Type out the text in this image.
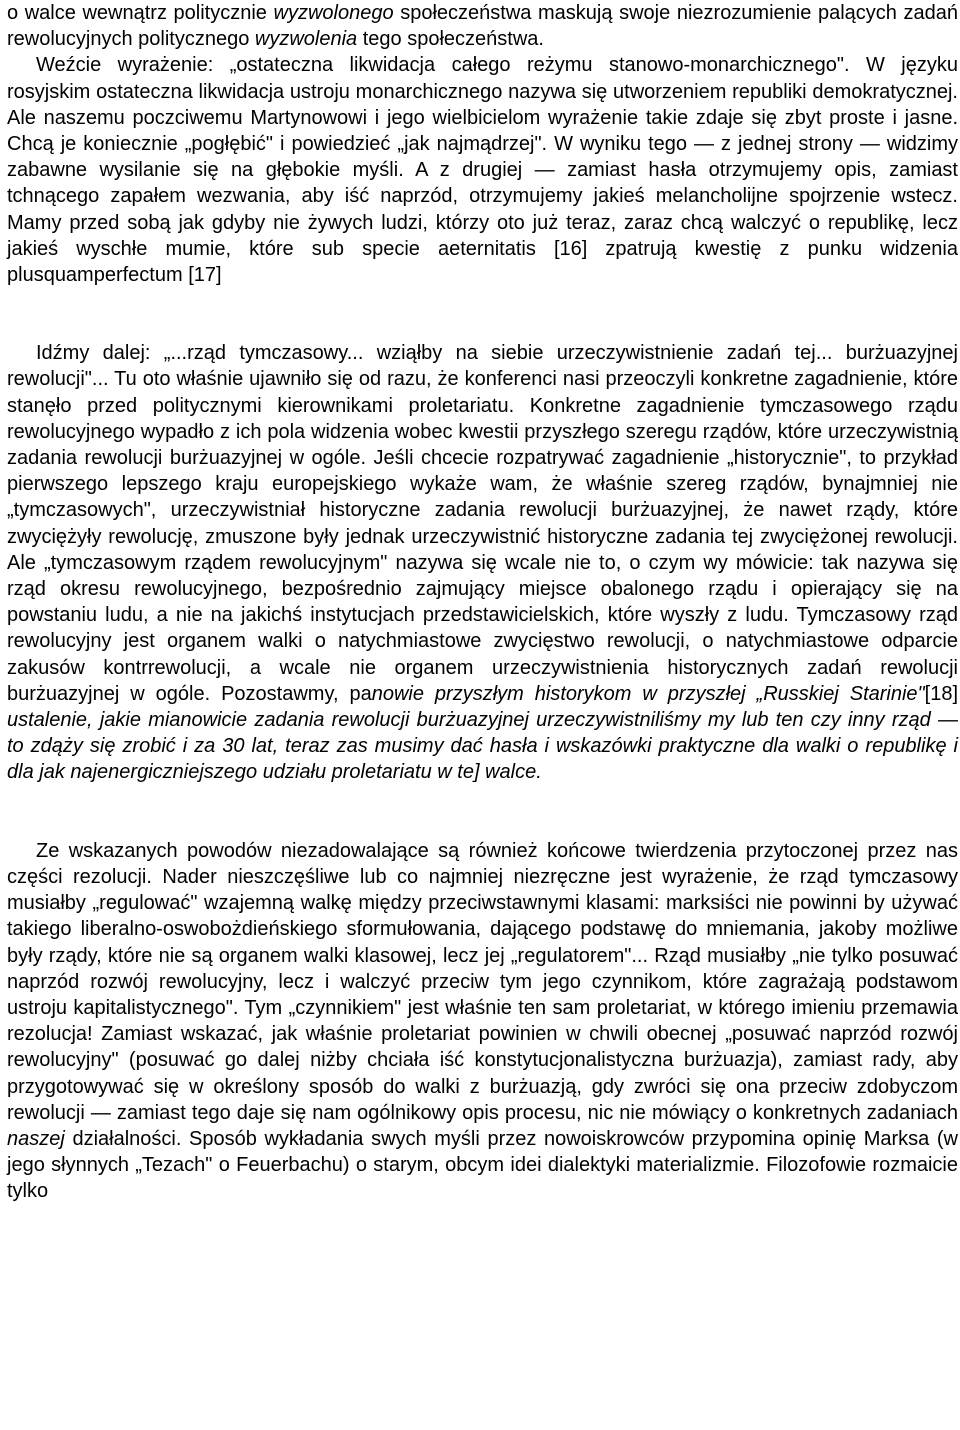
o walce wewnątrz politycznie wyzwolonego społeczeństwa maskują swoje niezrozumienie palących zadań rewolucyjnych politycznego wyzwolenia tego społeczeństwa.

Weźcie wyrażenie: „ostateczna likwidacja całego reżymu stanowo-monarchicznego". W języku rosyjskim ostateczna likwidacja ustroju monarchicznego nazywa się utworzeniem republiki demokratycznej. Ale naszemu poczciwemu Martynowowi i jego wielbicielom wyrażenie takie zdaje się zbyt proste i jasne. Chcą je koniecznie „pogłębić" i powiedzieć „jak najmądrzej". W wyniku tego — z jednej strony — widzimy zabawne wysilanie się na głębokie myśli. A z drugiej — zamiast hasła otrzymujemy opis, zamiast tchnącego zapałem wezwania, aby iść naprzód, otrzymujemy jakieś melancholijne spojrzenie wstecz. Mamy przed sobą jak gdyby nie żywych ludzi, którzy oto już teraz, zaraz chcą walczyć o republikę, lecz jakieś wyschłe mumie, które sub specie aeternitatis [16] zpatrują kwestię z punku widzenia plusquamperfectum [17]

Idźmy dalej: „...rząd tymczasowy... wziąłby na siebie urzeczywistnienie zadań tej... burżuazyjnej rewolucji"... Tu oto właśnie ujawniło się od razu, że konferenci nasi przeoczyli konkretne zagadnienie, które stanęło przed politycznymi kierownikami proletariatu. Konkretne zagadnienie tymczasowego rządu rewolucyjnego wypadło z ich pola widzenia wobec kwestii przyszłego szeregu rządów, które urzeczywistnią zadania rewolucji burżuazyjnej w ogóle. Jeśli chcecie rozpatrywać zagadnienie „historycznie", to przykład pierwszego lepszego kraju europejskiego wykaże wam, że właśnie szereg rządów, bynajmniej nie „tymczasowych", urzeczywistniał historyczne zadania rewolucji burżuazyjnej, że nawet rządy, które zwyciężyły rewolucję, zmuszone były jednak urzeczywistnić historyczne zadania tej zwyciężonej rewolucji. Ale „tymczasowym rządem rewolucyjnym" nazywa się wcale nie to, o czym wy mówicie: tak nazywa się rząd okresu rewolucyjnego, bezpośrednio zajmujący miejsce obalonego rządu i opierający się na powstaniu ludu, a nie na jakichś instytucjach przedstawicielskich, które wyszły z ludu. Tymczasowy rząd rewolucyjny jest organem walki o natychmiastowe zwycięstwo rewolucji, o natychmiastowe odparcie zakusów kontrrewolucji, a wcale nie organem urzeczywistnienia historycznych zadań rewolucji burżuazyjnej w ogóle. Pozostawmy, panowie przyszłym historykom w przyszłej „Russkiej Starinie"[18] ustalenie, jakie mianowicie zadania rewolucji burżuazyjnej urzeczywistniliśmy my lub ten czy inny rząd — to zdąży się zrobić i za 30 lat, teraz zas musimy dać hasła i wskazówki praktyczne dla walki o republikę i dla jak najenergiczniejszego udziału proletariatu w te] walce.

Ze wskazanych powodów niezadowalające są również końcowe twierdzenia przytoczonej przez nas części rezolucji. Nader nieszczęśliwe lub co najmniej niezręczne jest wyrażenie, że rząd tymczasowy musiałby „regulować" wzajemną walkę między przeciwstawnymi klasami: marksiści nie powinni by używać takiego liberalno-oswobożdieńskiego sformułowania, dającego podstawę do mniemania, jakoby możliwe były rządy, które nie są organem walki klasowej, lecz jej „regulatorem"... Rząd musiałby „nie tylko posuwać naprzód rozwój rewolucyjny, lecz i walczyć przeciw tym jego czynnikom, które zagrażają podstawom ustroju kapitalistycznego". Tym „czynnikiem" jest właśnie ten sam proletariat, w którego imieniu przemawia rezolucja! Zamiast wskazać, jak właśnie proletariat powinien w chwili obecnej „posuwać naprzód rozwój rewolucyjny" (posuwać go dalej niżby chciała iść konstytucjonalistyczna burżuazja), zamiast rady, aby przygotowywać się w określony sposób do walki z burżuazją, gdy zwróci się ona przeciw zdobyczom rewolucji — zamiast tego daje się nam ogólnikowy opis procesu, nic nie mówiący o konkretnych zadaniach naszej działalności. Sposób wykładania swych myśli przez nowoiskrowców przypomina opinię Marksa (w jego słynnych „Tezach" o Feuerbachu) o starym, obcym idei dialektyki materializmie. Filozofowie rozmaicie tylko
